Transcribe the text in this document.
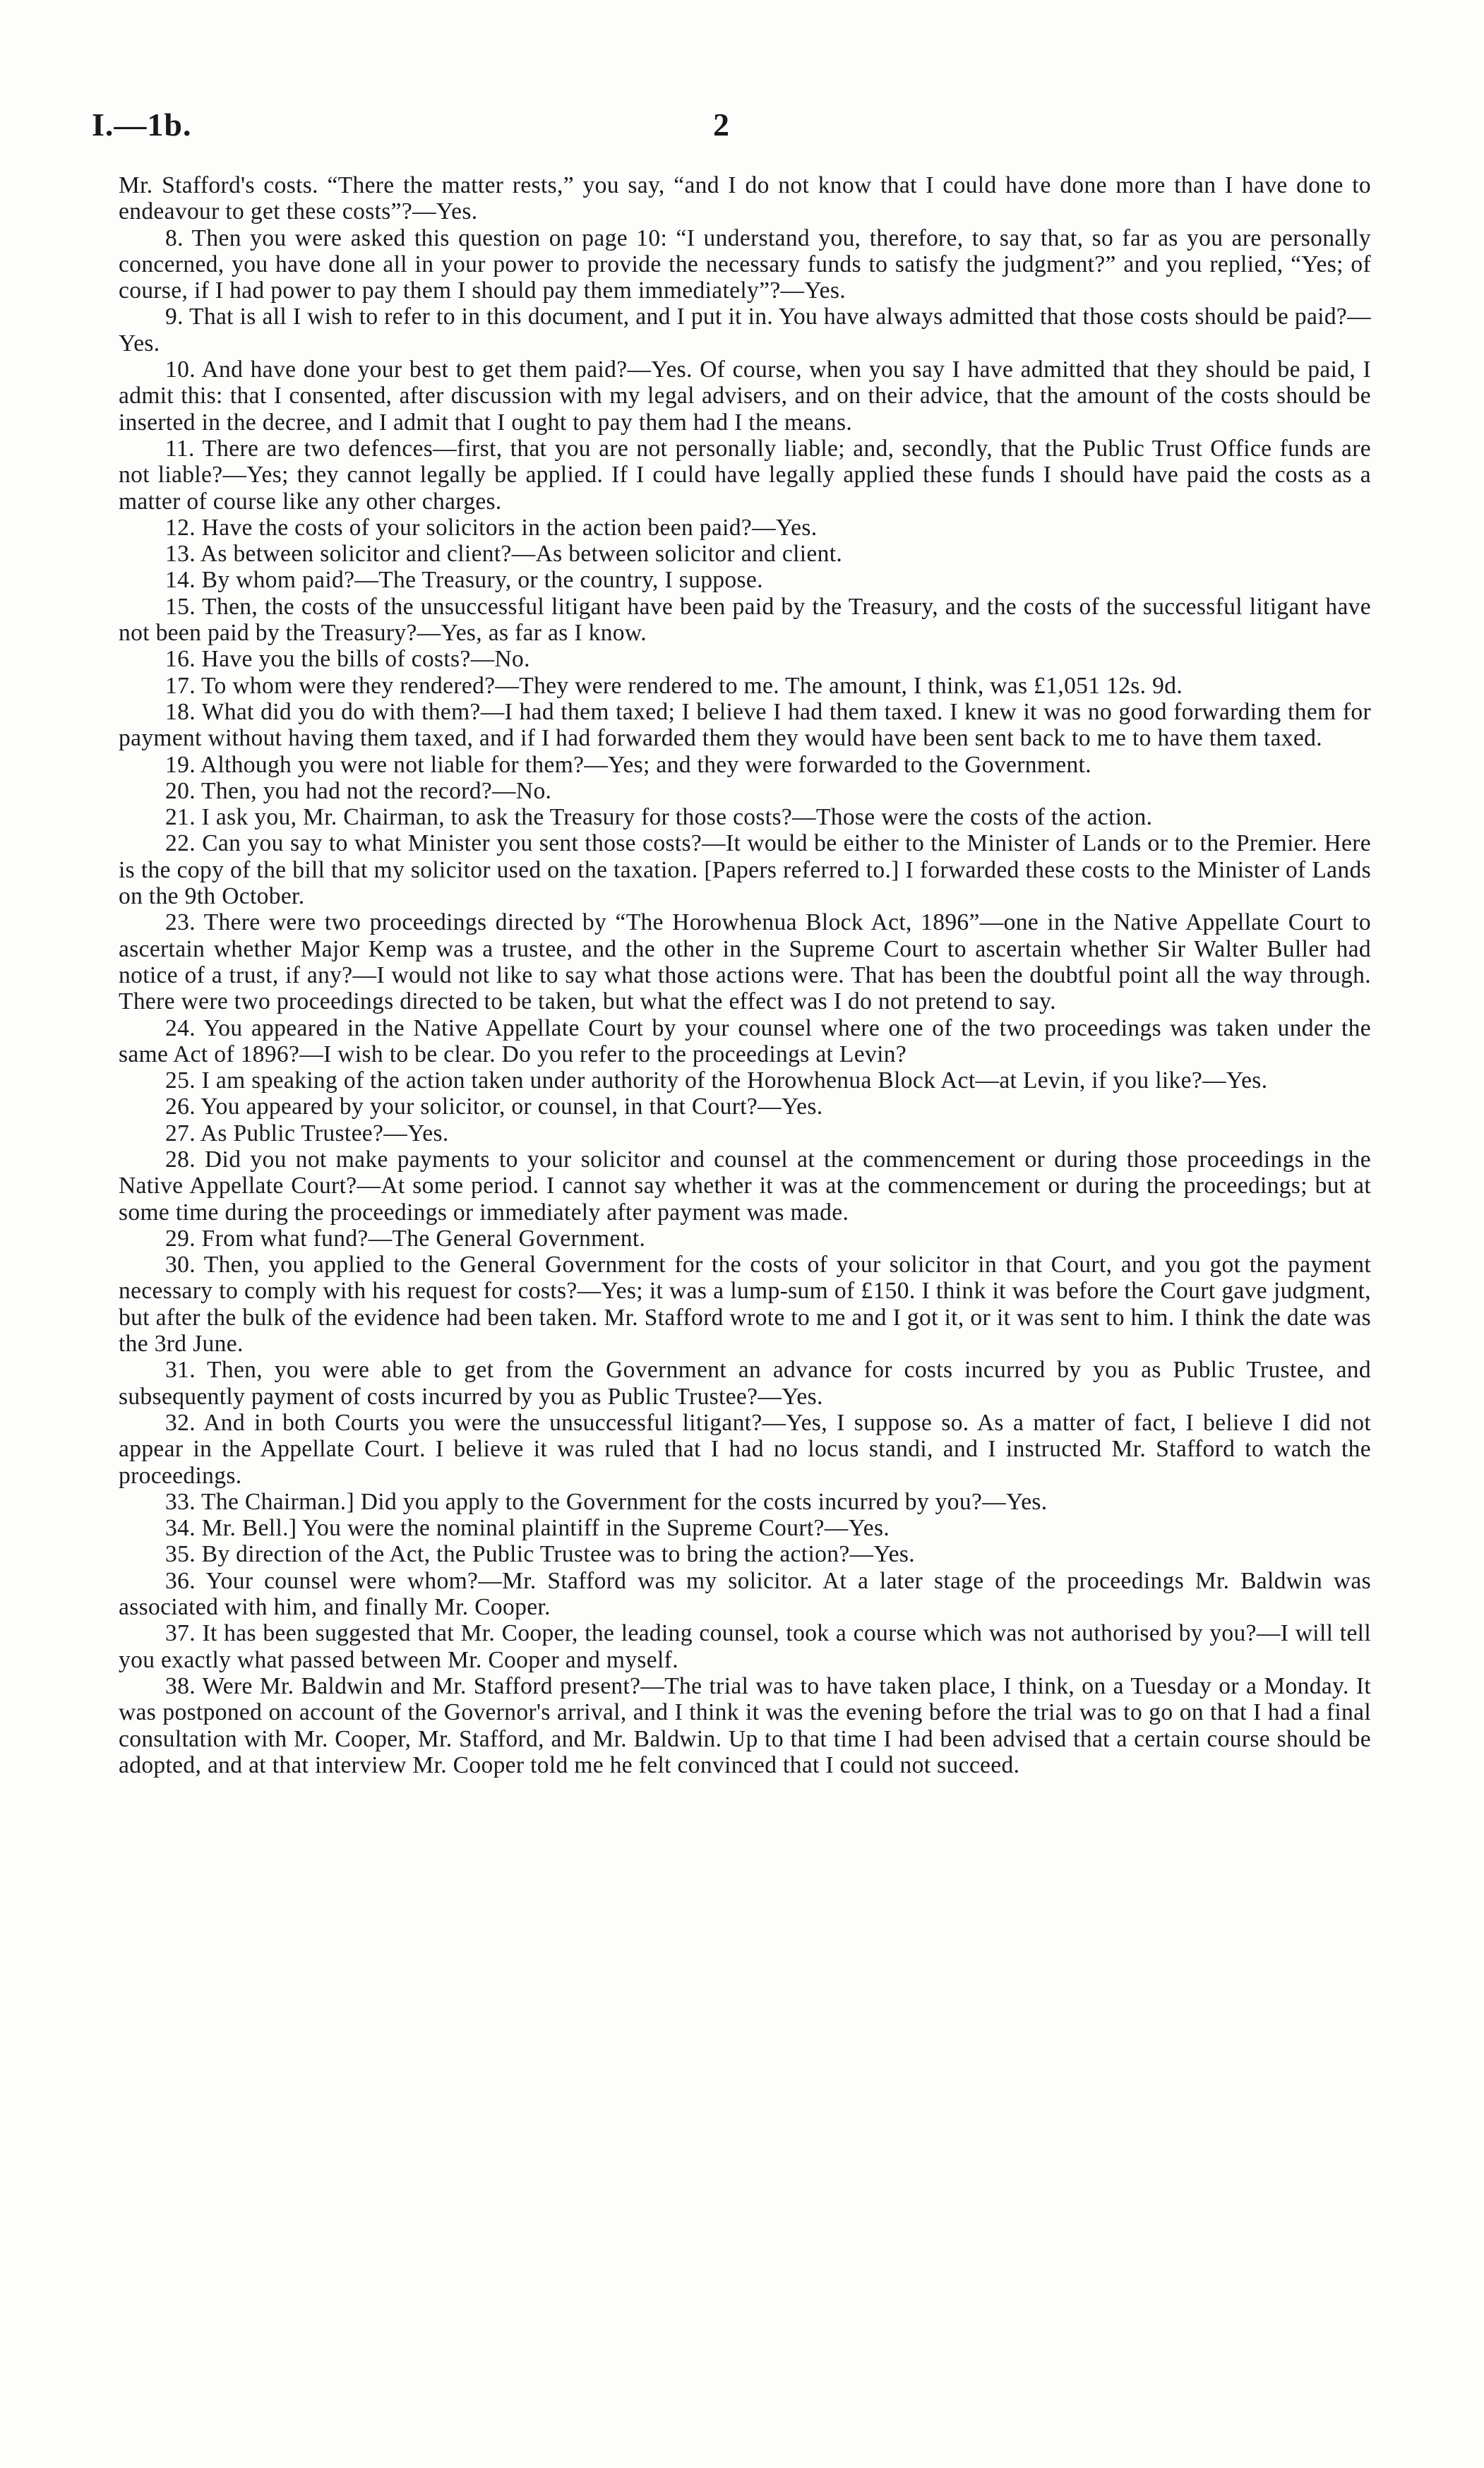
I.—1b.	2

Mr. Stafford's costs. “There the matter rests,” you say, “and I do not know that I could have done more than I have done to endeavour to get these costs”?—Yes.

8. Then you were asked this question on page 10: “I understand you, therefore, to say that, so far as you are personally concerned, you have done all in your power to provide the necessary funds to satisfy the judgment?” and you replied, “Yes; of course, if I had power to pay them I should pay them immediately”?—Yes.

9. That is all I wish to refer to in this document, and I put it in. You have always admitted that those costs should be paid?—Yes.

10. And have done your best to get them paid?—Yes. Of course, when you say I have admitted that they should be paid, I admit this: that I consented, after discussion with my legal advisers, and on their advice, that the amount of the costs should be inserted in the decree, and I admit that I ought to pay them had I the means.

11. There are two defences—first, that you are not personally liable; and, secondly, that the Public Trust Office funds are not liable?—Yes; they cannot legally be applied. If I could have legally applied these funds I should have paid the costs as a matter of course like any other charges.

12. Have the costs of your solicitors in the action been paid?—Yes.

13. As between solicitor and client?—As between solicitor and client.

14. By whom paid?—The Treasury, or the country, I suppose.

15. Then, the costs of the unsuccessful litigant have been paid by the Treasury, and the costs of the successful litigant have not been paid by the Treasury?—Yes, as far as I know.

16. Have you the bills of costs?—No.

17. To whom were they rendered?—They were rendered to me. The amount, I think, was £1,051 12s. 9d.

18. What did you do with them?—I had them taxed; I believe I had them taxed. I knew it was no good forwarding them for payment without having them taxed, and if I had forwarded them they would have been sent back to me to have them taxed.

19. Although you were not liable for them?—Yes; and they were forwarded to the Government.

20. Then, you had not the record?—No.

21. I ask you, Mr. Chairman, to ask the Treasury for those costs?—Those were the costs of the action.

22. Can you say to what Minister you sent those costs?—It would be either to the Minister of Lands or to the Premier. Here is the copy of the bill that my solicitor used on the taxation. [Papers referred to.] I forwarded these costs to the Minister of Lands on the 9th October.

23. There were two proceedings directed by “The Horowhenua Block Act, 1896”—one in the Native Appellate Court to ascertain whether Major Kemp was a trustee, and the other in the Supreme Court to ascertain whether Sir Walter Buller had notice of a trust, if any?—I would not like to say what those actions were. That has been the doubtful point all the way through. There were two proceedings directed to be taken, but what the effect was I do not pretend to say.

24. You appeared in the Native Appellate Court by your counsel where one of the two proceedings was taken under the same Act of 1896?—I wish to be clear. Do you refer to the proceedings at Levin?

25. I am speaking of the action taken under authority of the Horowhenua Block Act—at Levin, if you like?—Yes.

26. You appeared by your solicitor, or counsel, in that Court?—Yes.

27. As Public Trustee?—Yes.

28. Did you not make payments to your solicitor and counsel at the commencement or during those proceedings in the Native Appellate Court?—At some period. I cannot say whether it was at the commencement or during the proceedings; but at some time during the proceedings or immediately after payment was made.

29. From what fund?—The General Government.

30. Then, you applied to the General Government for the costs of your solicitor in that Court, and you got the payment necessary to comply with his request for costs?—Yes; it was a lump-sum of £150. I think it was before the Court gave judgment, but after the bulk of the evidence had been taken. Mr. Stafford wrote to me and I got it, or it was sent to him. I think the date was the 3rd June.

31. Then, you were able to get from the Government an advance for costs incurred by you as Public Trustee, and subsequently payment of costs incurred by you as Public Trustee?—Yes.

32. And in both Courts you were the unsuccessful litigant?—Yes, I suppose so. As a matter of fact, I believe I did not appear in the Appellate Court. I believe it was ruled that I had no locus standi, and I instructed Mr. Stafford to watch the proceedings.

33. The Chairman.] Did you apply to the Government for the costs incurred by you?—Yes.

34. Mr. Bell.] You were the nominal plaintiff in the Supreme Court?—Yes.

35. By direction of the Act, the Public Trustee was to bring the action?—Yes.

36. Your counsel were whom?—Mr. Stafford was my solicitor. At a later stage of the proceedings Mr. Baldwin was associated with him, and finally Mr. Cooper.

37. It has been suggested that Mr. Cooper, the leading counsel, took a course which was not authorised by you?—I will tell you exactly what passed between Mr. Cooper and myself.

38. Were Mr. Baldwin and Mr. Stafford present?—The trial was to have taken place, I think, on a Tuesday or a Monday. It was postponed on account of the Governor's arrival, and I think it was the evening before the trial was to go on that I had a final consultation with Mr. Cooper, Mr. Stafford, and Mr. Baldwin. Up to that time I had been advised that a certain course should be adopted, and at that interview Mr. Cooper told me he felt convinced that I could not succeed.
